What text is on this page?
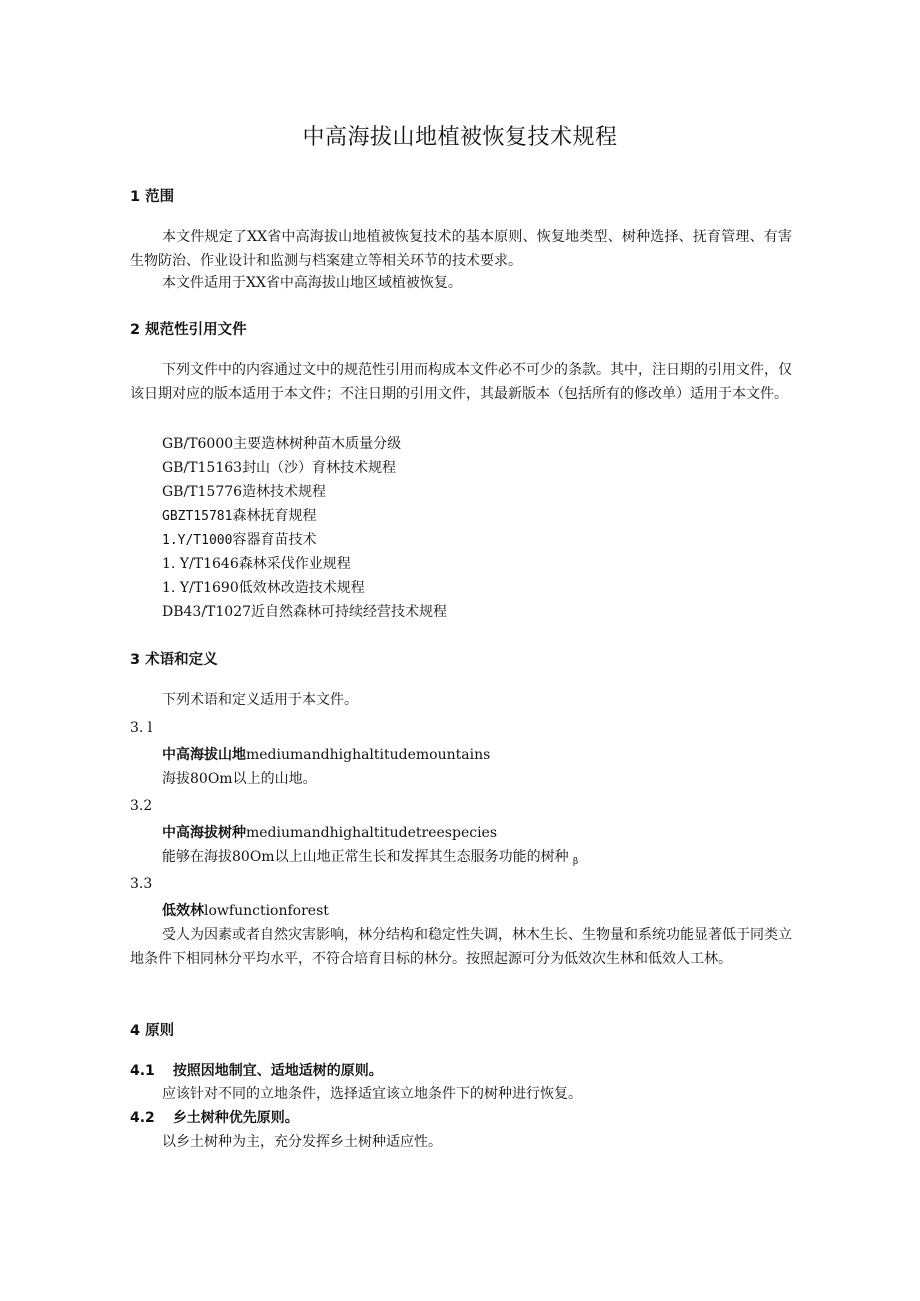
中高海拔山地植被恢复技术规程
1 范围
本文件规定了XX省中高海拔山地植被恢复技术的基本原则、恢复地类型、树种选择、抚育管理、有害生物防治、作业设计和监测与档案建立等相关环节的技术要求。
本文件适用于XX省中高海拔山地区域植被恢复。
2 规范性引用文件
下列文件中的内容通过文中的规范性引用而构成本文件必不可少的条款。其中，注日期的引用文件，仅该日期对应的版本适用于本文件；不注日期的引用文件，其最新版本（包括所有的修改单）适用于本文件。
GB/T6000主要造林树种苗木质量分级
GB/T15163封山（沙）育林技术规程
GB/T15776造林技术规程
GBZT15781森林抚育规程
1.Y/T1000容器育苗技术
1. Y/T1646森林采伐作业规程
1. Y/T1690低效林改造技术规程
DB43/T1027近自然森林可持续经营技术规程
3 术语和定义
下列术语和定义适用于本文件。
3. l
中高海拔山地mediumandhighaltitudemountains
海拔80Om以上的山地。
3.2
中高海拔树种mediumandhighaltitudetreespecies
能够在海拔80Om以上山地正常生长和发挥其生态服务功能的树种 $_\beta$
3.3
低效林lowfunctionforest
受人为因素或者自然灾害影响，林分结构和稳定性失调，林木生长、生物量和系统功能显著低于同类立地条件下相同林分平均水平，不符合培育目标的林分。按照起源可分为低效次生林和低效人工林。
4 原则
4.1 按照因地制宜、适地适树的原则。
应该针对不同的立地条件，选择适宜该立地条件下的树种进行恢复。
4.2 乡土树种优先原则。
以乡土树种为主，充分发挥乡土树种适应性。
